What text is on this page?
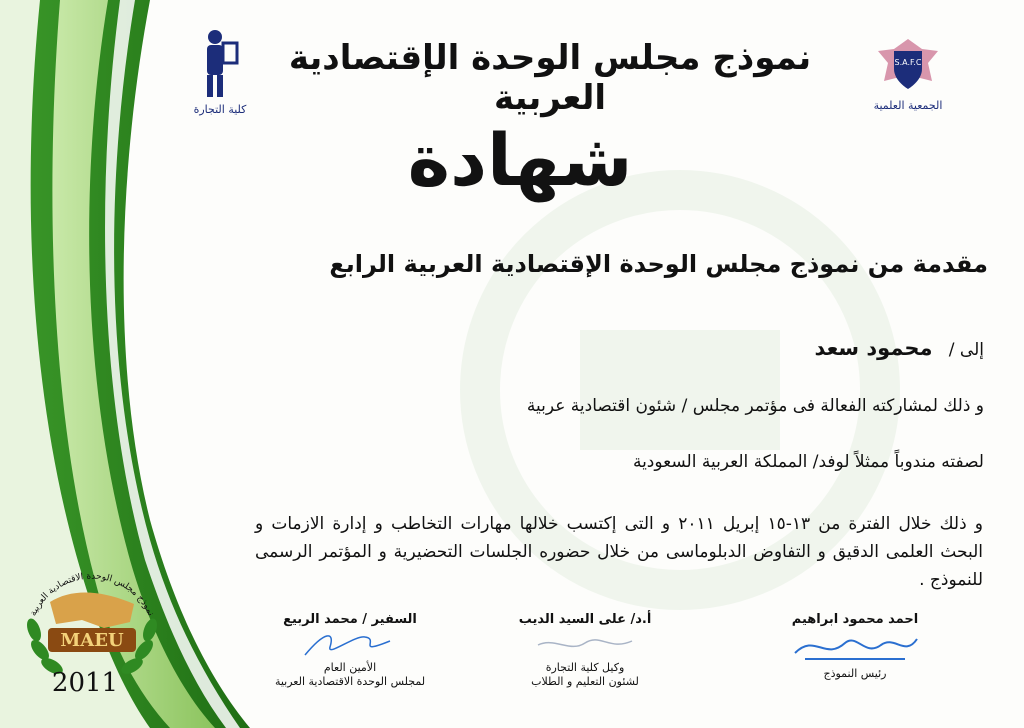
كلية التجارة
S.A.F.C
الجمعية العلمية
نموذج مجلس الوحدة الإقتصادية العربية
شهادة
مقدمة من نموذج مجلس الوحدة الإقتصادية العربية الرابع
إلى /   محمود سعد
و ذلك لمشاركته الفعالة فى مؤتمر مجلس / شئون اقتصادية عربية
لصفته مندوباً ممثلاً لوفد/ المملكة العربية السعودية
و ذلك خلال الفترة من ١٣-١٥ إبريل ٢٠١١ و التى إكتسب خلالها مهارات التخاطب و إدارة الازمات و البحث العلمى الدقيق و التفاوض الدبلوماسى من خلال حضوره الجلسات التحضيرية و المؤتمر الرسمى للنموذج .
السفير / محمد الربيع
الأمين العام
لمجلس الوحدة الاقتصادية العربية
أ.د/ على السيد الديب
وكيل كلية التجارة
لشئون التعليم و الطلاب
احمد محمود ابراهيم
رئيس النموذج
نموذج مجلس الوحدة الاقتصادية العربية
MAEU
2011
